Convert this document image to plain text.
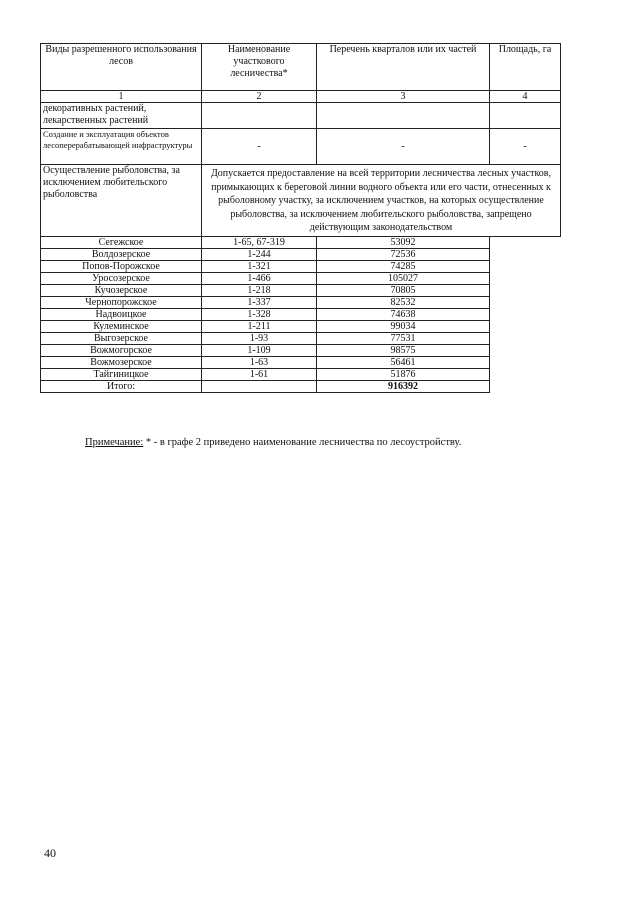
Виды разрешенного использования лесов	Наименование участкового лесничества*	Перечень кварталов или их частей	Площадь, га
1	2	3	4
декоративных растений, лекарственных растений			
Создание и эксплуатация объектов лесоперерабатывающей инфраструктуры	-	-	-
Осуществление рыболовства, за исключением любительского рыболовства	Допускается предоставление на всей территории лесничества лесных участков, примыкающих к береговой линии водного объекта или его части, отнесенных к рыболовному участку, за исключением участков, на которых осуществление рыболовства, за исключением любительского рыболовства, запрещено действующим законодательством		
Сегежское	1-65, 67-319	53092	
Волдозерское	1-244	72536	
Попов-Порожское	1-321	74285	
Уросозерское	1-466	105027	
Кучозерское	1-218	70805	
Чернопорожское	1-337	82532	
Надвоицкое	1-328	74638	
Кулеминское	1-211	99034	
Выгозерское	1-93	77531	
Вожмогорское	1-109	98575	
Вожмозерское	1-63	56461	
Тайгиницкое	1-61	51876	
Итого:		916392	
Примечание: * - в графе 2 приведено наименование лесничества по лесоустройству.
40
